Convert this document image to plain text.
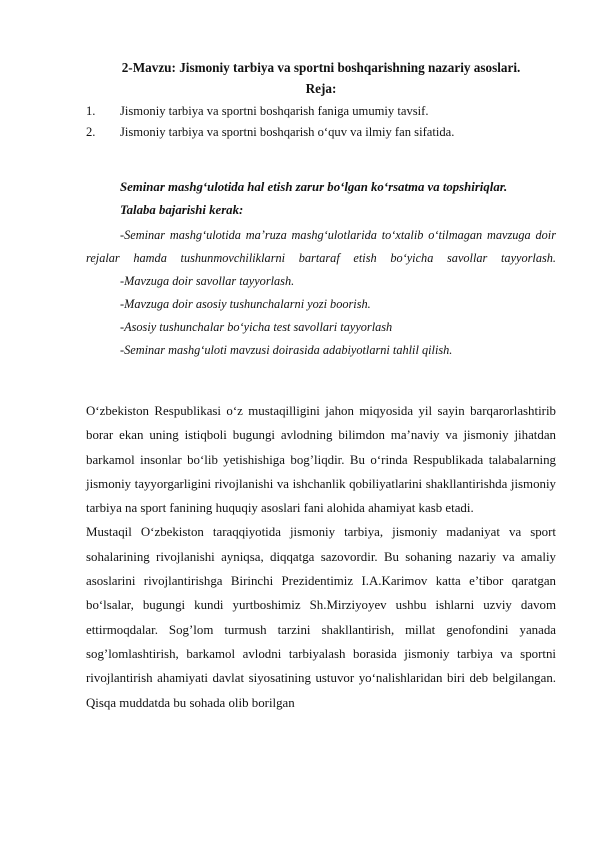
2-Mavzu: Jismoniy tarbiya va sportni boshqarishning nazariy asoslari.
Reja:
1. Jismoniy tarbiya va sportni boshqarish faniga umumiy tavsif.
2. Jismoniy tarbiya va sportni boshqarish o‘quv va ilmiy fan sifatida.
Seminar mashg‘ulotida hal etish zarur bo‘lgan ko‘rsatma va topshiriqlar.
Talaba bajarishi kerak:
-Seminar mashg‘ulotida ma’ruza mashg‘ulotlarida to‘xtalib o‘tilmagan mavzuga doir rejalar hamda tushunmovchiliklarni bartaraf etish bo‘yicha savollar tayyorlash.
-Mavzuga doir savollar tayyorlash.
-Mavzuga doir asosiy tushunchalarni yozi boorish.
-Asosiy tushunchalar bo‘yicha test savollari tayyorlash
-Seminar mashg‘uloti mavzusi doirasida adabiyotlarni tahlil qilish.

O‘zbekiston Respublikasi o‘z mustaqilligini jahon miqyosida yil sayin barqarorlashtirib borar ekan uning istiqboli bugungi avlodning bilimdon ma’naviy va jismoniy jihatdan barkamol insonlar bo‘lib yetishishiga bog’liqdir. Bu o‘rinda Respublikada talabalarning jismoniy tayyorgarligini rivojlanishi va ishchanlik qobiliyatlarini shakllantirishda jismoniy tarbiya na sport fanining huquqiy asoslari fani alohida ahamiyat kasb etadi.

Mustaqil O‘zbekiston taraqqiyotida jismoniy tarbiya, jismoniy madaniyat va sport sohalarining rivojlanishi ayniqsa, diqqatga sazovordir. Bu sohaning nazariy va amaliy asoslarini rivojlantirishga Birinchi Prezidentimiz I.A.Karimov katta e’tibor qaratgan bo‘lsalar, bugungi kundi yurtboshimiz Sh.Mirziyoyev ushbu ishlarni uzviy davom ettirmoqdalar. Sog’lom turmush tarzini shakllantirish, millat genofondini yanada sog’lomlashtirish, barkamol avlodni tarbiyalash borasida jismoniy tarbiya va sportni rivojlantirish ahamiyati davlat siyosatining ustuvor yo‘nalishlaridan biri deb belgilangan. Qisqa muddatda bu sohada olib borilgan
